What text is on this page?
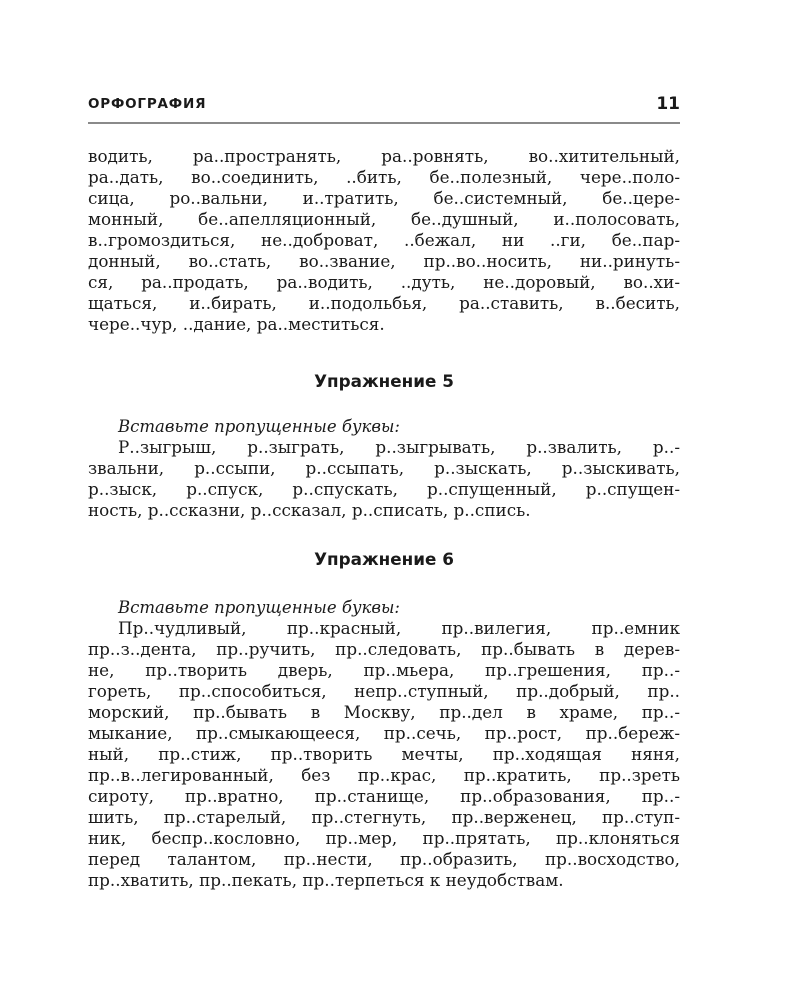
ОРФОГРАФИЯ	11
водить, ра..пространять, ра..ровнять, во..хитительный,
ра..дать, во..соединить, ..бить, бе..полезный, чере..поло-
сица, ро..вальни, и..тратить, бе..системный, бе..цере-
монный, бе..апелляционный, бе..душный, и..полосовать,
в..громоздиться, не..доброват, ..бежал, ни ..ги, бе..пар-
донный, во..стать, во..звание, пр..во..носить, ни..ринуть-
ся, ра..продать, ра..водить, ..дуть, не..доровый, во..хи-
щаться, и..бирать, и..подольбья, ра..ставить, в..бесить,
чере..чур, ..дание, ра..меститься.
Упражнение 5
Вставьте пропущенные буквы:
Р..зыгрыш, р..зыграть, р..зыгрывать, р..звалить, р..-
звальни, р..ссыпи, р..ссыпать, р..зыскать, р..зыскивать,
р..зыск, р..спуск, р..спускать, р..спущенный, р..спущен-
ность, р..ссказни, р..ссказал, р..списать, р..спись.
Упражнение 6
Вставьте пропущенные буквы:
Пр..чудливый, пр..красный, пр..вилегия, пр..емник
пр..з..дента, пр..ручить, пр..следовать, пр..бывать в дерев-
не, пр..творить дверь, пр..мьера, пр..грешения, пр..-
гореть, пр..способиться, непр..ступный, пр..добрый, пр..
морский, пр..бывать в Москву, пр..дел в храме, пр..-
мыкание, пр..смыкающееся, пр..сечь, пр..рост, пр..береж-
ный, пр..стиж, пр..творить мечты, пр..ходящая няня,
пр..в..легированный, без пр..крас, пр..кратить, пр..зреть
сироту, пр..вратно, пр..станище, пр..образования, пр..-
шить, пр..старелый, пр..стегнуть, пр..верженец, пр..ступ-
ник, беспр..кословно, пр..мер, пр..прятать, пр..клоняться
перед талантом, пр..нести, пр..образить, пр..восходство,
пр..хватить, пр..пекать, пр..терпеться к неудобствам.
